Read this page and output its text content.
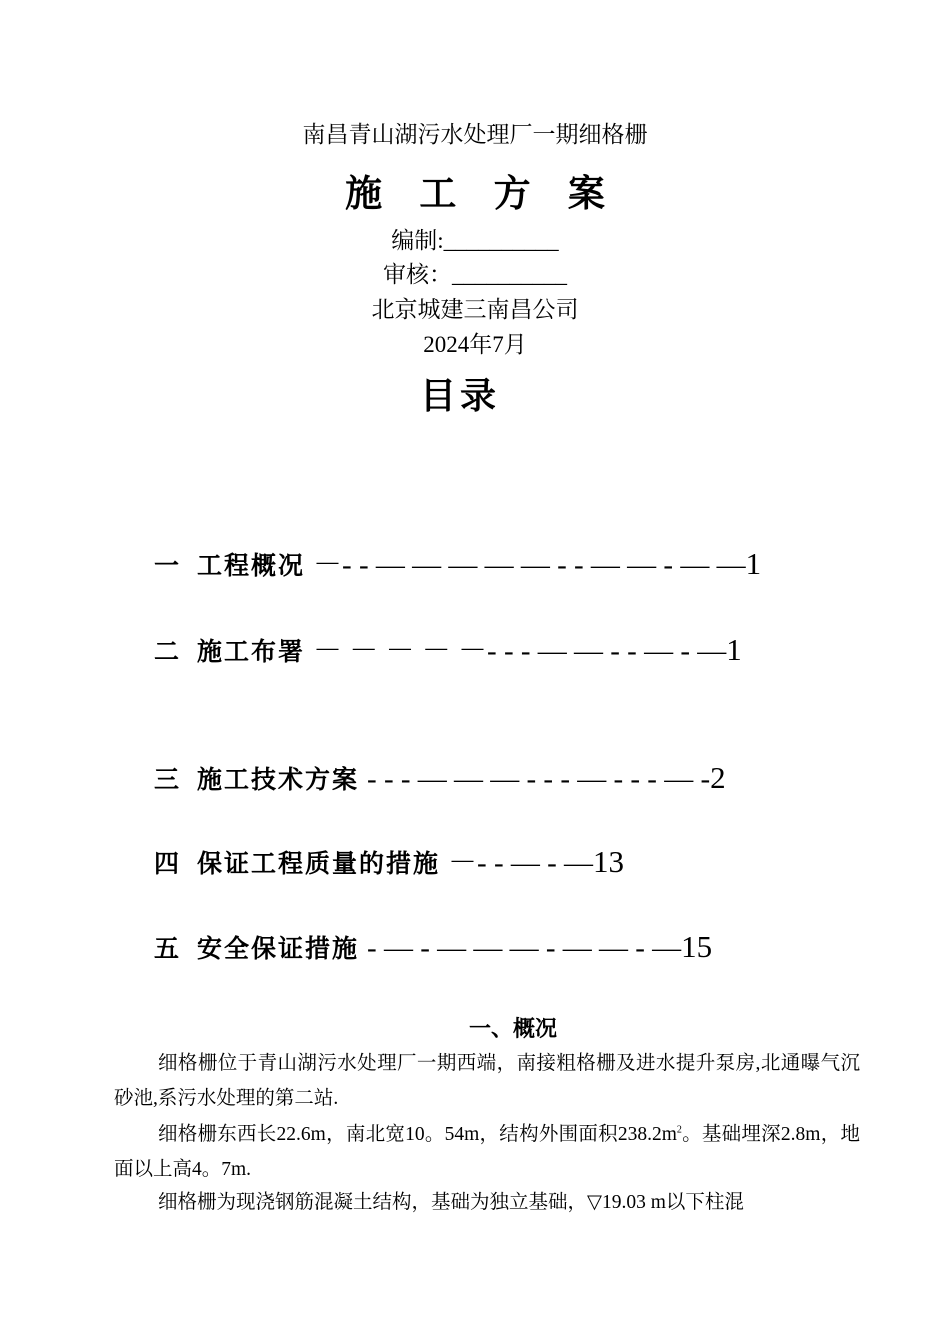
南昌青山湖污水处理厂一期细格栅
施 工 方 案
编制:__________
审核：__________
北京城建三南昌公司
2024年7月
目录
一 工程概况 －- - — — — — — - - — — - — —1
二 施工布署 － － － － －- - - — — - - — - —1
三 施工技术方案 - - - — — — - - - — - - - — -2
四 保证工程质量的措施 －- - — - —13
五 安全保证措施 - — - — — — - — — - —15
一、概况
细格栅位于青山湖污水处理厂一期西端，南接粗格栅及进水提升泵房,北通曝气沉砂池,系污水处理的第二站.
细格栅东西长22.6m，南北宽10。54m，结构外围面积$238.2m^2$。基础埋深2.8m，地面以上高4。7m.
细格栅为现浇钢筋混凝土结构，基础为独立基础，▽19.03 m以下柱混
